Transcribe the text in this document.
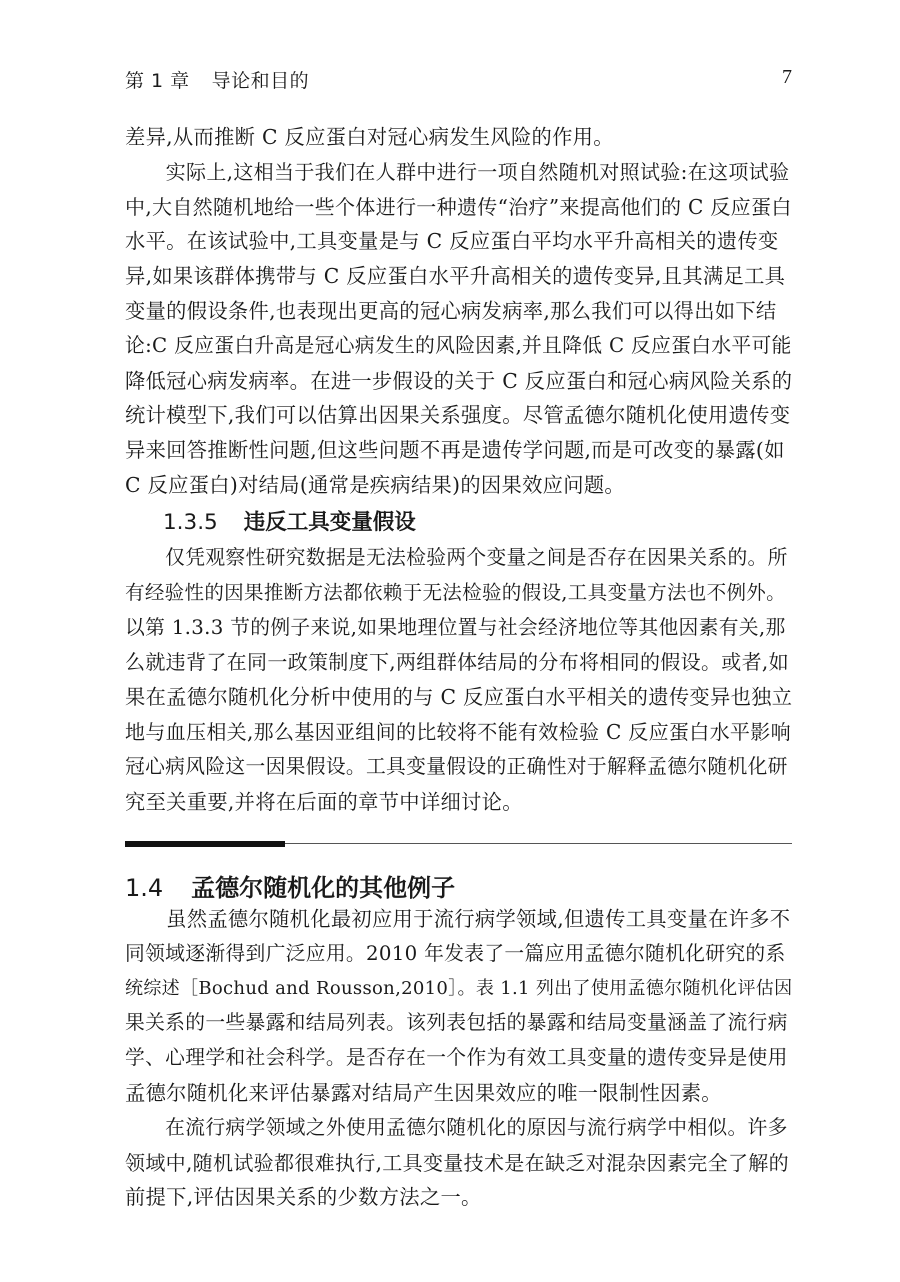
第 1 章 导论和目的	7

差异,从而推断 C 反应蛋白对冠心病发生风险的作用。
　　实际上,这相当于我们在人群中进行一项自然随机对照试验:在这项试验
中,大自然随机地给一些个体进行一种遗传“治疗”来提高他们的 C 反应蛋白
水平。在该试验中,工具变量是与 C 反应蛋白平均水平升高相关的遗传变
异,如果该群体携带与 C 反应蛋白水平升高相关的遗传变异,且其满足工具
变量的假设条件,也表现出更高的冠心病发病率,那么我们可以得出如下结
论:C 反应蛋白升高是冠心病发生的风险因素,并且降低 C 反应蛋白水平可能
降低冠心病发病率。在进一步假设的关于 C 反应蛋白和冠心病风险关系的
统计模型下,我们可以估算出因果关系强度。尽管孟德尔随机化使用遗传变
异来回答推断性问题,但这些问题不再是遗传学问题,而是可改变的暴露(如
C 反应蛋白)对结局(通常是疾病结果)的因果效应问题。

1.3.5 违反工具变量假设

　　仅凭观察性研究数据是无法检验两个变量之间是否存在因果关系的。所
有经验性的因果推断方法都依赖于无法检验的假设,工具变量方法也不例外。
以第 1.3.3 节的例子来说,如果地理位置与社会经济地位等其他因素有关,那
么就违背了在同一政策制度下,两组群体结局的分布将相同的假设。或者,如
果在孟德尔随机化分析中使用的与 C 反应蛋白水平相关的遗传变异也独立
地与血压相关,那么基因亚组间的比较将不能有效检验 C 反应蛋白水平影响
冠心病风险这一因果假设。工具变量假设的正确性对于解释孟德尔随机化研
究至关重要,并将在后面的章节中详细讨论。

1.4 孟德尔随机化的其他例子

　　虽然孟德尔随机化最初应用于流行病学领域,但遗传工具变量在许多不
同领域逐渐得到广泛应用。2010 年发表了一篇应用孟德尔随机化研究的系
统综述［Bochud and Rousson,2010］。表 1.1 列出了使用孟德尔随机化评估因
果关系的一些暴露和结局列表。该列表包括的暴露和结局变量涵盖了流行病
学、心理学和社会科学。是否存在一个作为有效工具变量的遗传变异是使用
孟德尔随机化来评估暴露对结局产生因果效应的唯一限制性因素。
　　在流行病学领域之外使用孟德尔随机化的原因与流行病学中相似。许多
领域中,随机试验都很难执行,工具变量技术是在缺乏对混杂因素完全了解的
前提下,评估因果关系的少数方法之一。
